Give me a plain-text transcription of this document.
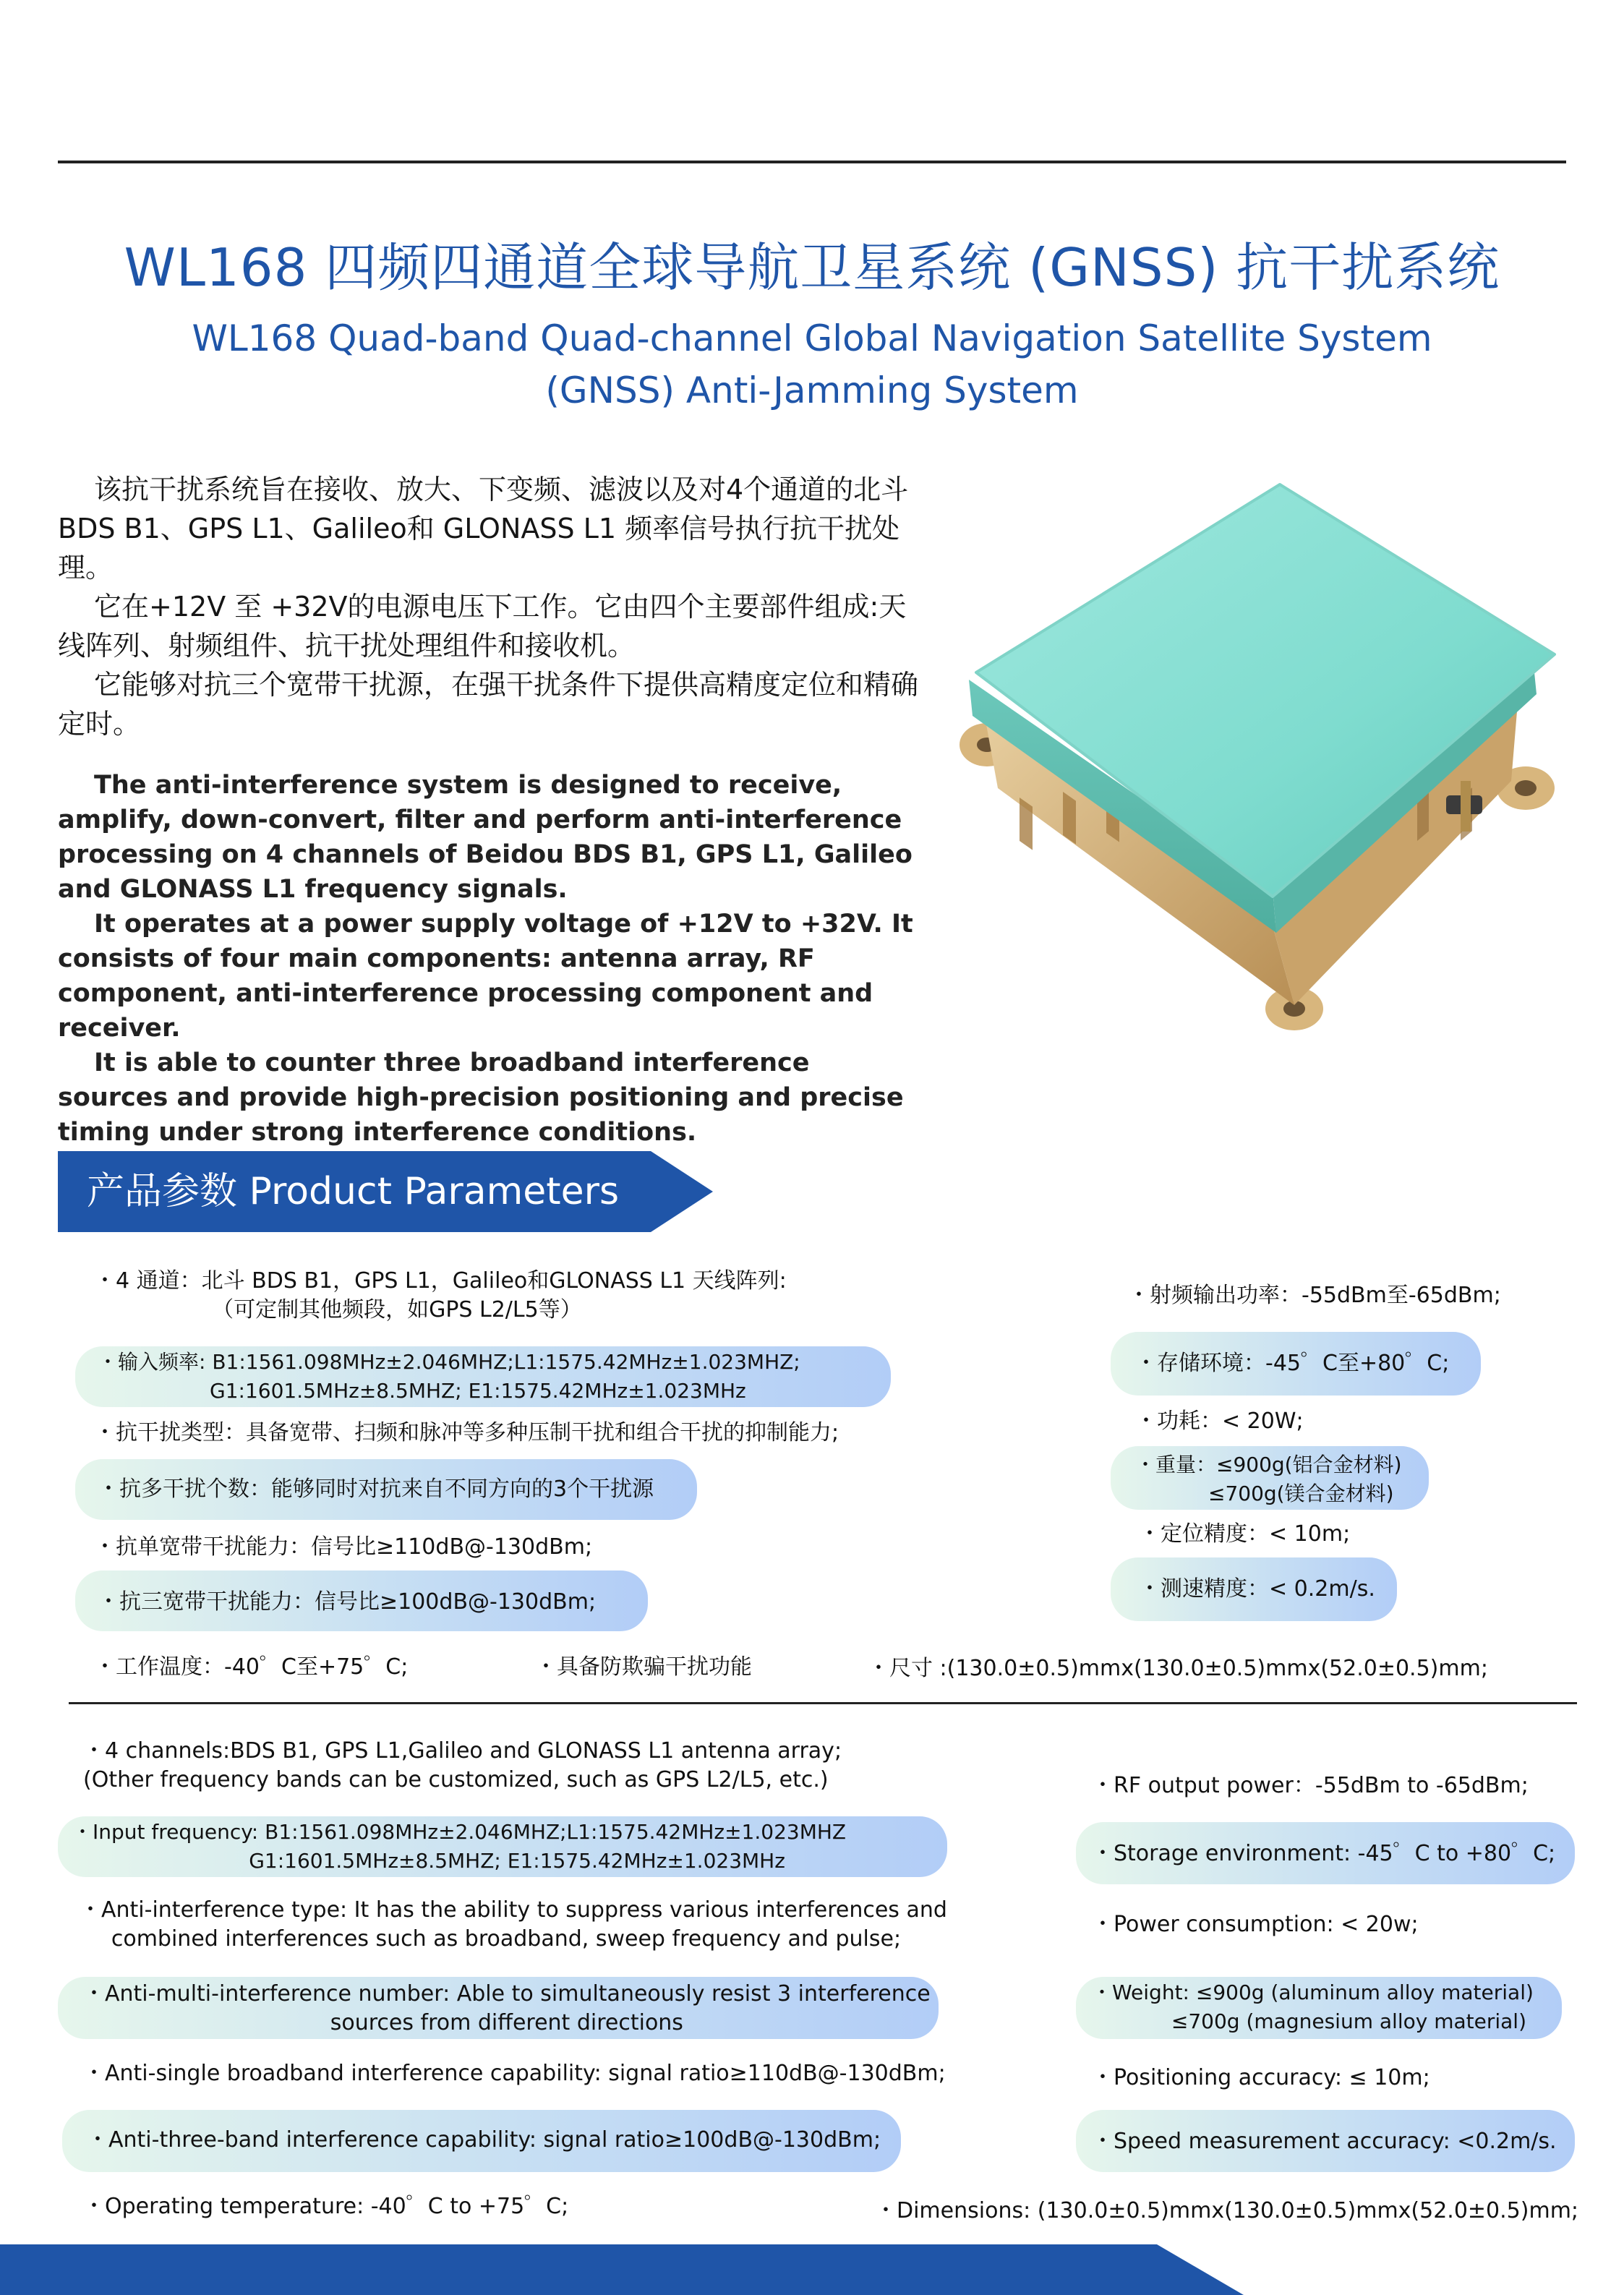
WL168 四频四通道全球导航卫星系统 (GNSS) 抗干扰系统
WL168 Quad-band Quad-channel Global Navigation Satellite System
(GNSS) Anti-Jamming System

该抗干扰系统旨在接收、放大、下变频、滤波以及对4个通道的北斗 BDS B1、GPS L1、Galileo和 GLONASS L1 频率信号执行抗干扰处理。

它在+12V 至 +32V的电源电压下工作。它由四个主要部件组成:天线阵列、射频组件、抗干扰处理组件和接收机。

它能够对抗三个宽带干扰源，在强干扰条件下提供高精度定位和精确定时。

The anti-interference system is designed to receive, amplify, down-convert, filter and perform anti-interference processing on 4 channels of Beidou BDS B1, GPS L1, Galileo and GLONASS L1 frequency signals.

It operates at a power supply voltage of +12V to +32V. It consists of four main components: antenna array, RF component, anti-interference processing component and receiver.

It is able to counter three broadband interference sources and provide high-precision positioning and precise timing under strong interference conditions.

产品参数 Product Parameters
・4 通道：北斗 BDS B1，GPS L1，Galileo和GLONASS L1 天线阵列:
（可定制其他频段，如GPS L2/L5等）
・输入频率: B1:1561.098MHz±2.046MHZ;L1:1575.42MHz±1.023MHZ;
G1:1601.5MHz±8.5MHZ; E1:1575.42MHz±1.023MHz
・抗干扰类型：具备宽带、扫频和脉冲等多种压制干扰和组合干扰的抑制能力;
・抗多干扰个数：能够同时对抗来自不同方向的3个干扰源
・抗单宽带干扰能力：信号比≥110dB@-130dBm;
・抗三宽带干扰能力：信号比≥100dB@-130dBm;
・工作温度：-40゜C至+75゜C;	・具备防欺骗干扰功能
・射频输出功率：-55dBm至-65dBm;
・存储环境：-45゜C至+80゜C;
・功耗：< 20W;
・重量：≤900g(铝合金材料)
≤700g(镁合金材料)
・定位精度：< 10m;
・测速精度：< 0.2m/s.
・尺寸 :(130.0±0.5)mmx(130.0±0.5)mmx(52.0±0.5)mm;
・4 channels:BDS B1, GPS L1,Galileo and GLONASS L1 antenna array;
(Other frequency bands can be customized, such as GPS L2/L5, etc.)
・Input frequency: B1:1561.098MHz±2.046MHZ;L1:1575.42MHz±1.023MHZ
G1:1601.5MHz±8.5MHZ; E1:1575.42MHz±1.023MHz
・Anti-interference type: It has the ability to suppress various interferences and
combined interferences such as broadband, sweep frequency and pulse;
・Anti-multi-interference number: Able to simultaneously resist 3 interference
sources from different directions
・Anti-single broadband interference capability: signal ratio≥110dB@-130dBm;
・Anti-three-band interference capability: signal ratio≥100dB@-130dBm;
・Operating temperature: -40゜C to +75゜C;
・RF output power：-55dBm to -65dBm;
・Storage environment: -45゜C to +80゜C;
・Power consumption: < 20w;
・Weight: ≤900g (aluminum alloy material)
≤700g (magnesium alloy material)
・Positioning accuracy: ≤ 10m;
・Speed measurement accuracy: <0.2m/s.
・Dimensions: (130.0±0.5)mmx(130.0±0.5)mmx(52.0±0.5)mm;
